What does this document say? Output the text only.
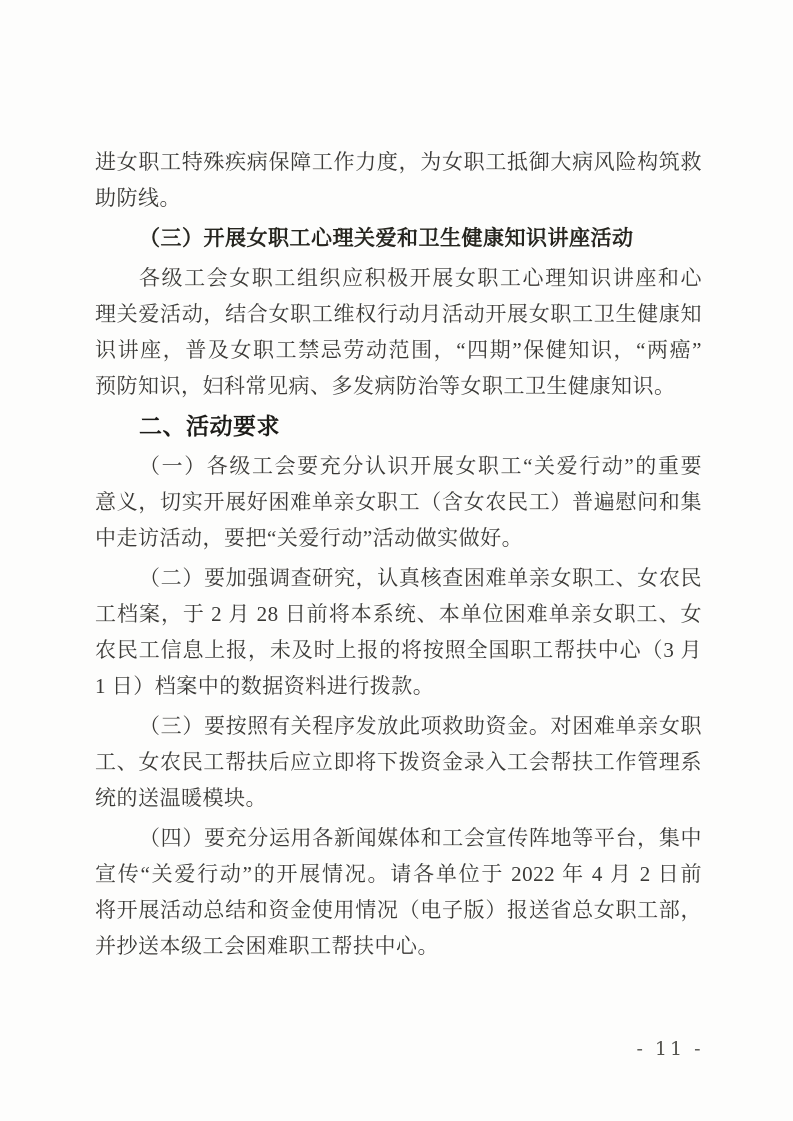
进女职工特殊疾病保障工作力度，为女职工抵御大病风险构筑救
助防线。
（三）开展女职工心理关爱和卫生健康知识讲座活动
各级工会女职工组织应积极开展女职工心理知识讲座和心
理关爱活动，结合女职工维权行动月活动开展女职工卫生健康知
识讲座，普及女职工禁忌劳动范围，“四期”保健知识，“两癌”
预防知识，妇科常见病、多发病防治等女职工卫生健康知识。
二、活动要求
（一）各级工会要充分认识开展女职工“关爱行动”的重要
意义，切实开展好困难单亲女职工（含女农民工）普遍慰问和集
中走访活动，要把“关爱行动”活动做实做好。
（二）要加强调查研究，认真核查困难单亲女职工、女农民
工档案，于 2 月 28 日前将本系统、本单位困难单亲女职工、女
农民工信息上报，未及时上报的将按照全国职工帮扶中心（3 月
1 日）档案中的数据资料进行拨款。
（三）要按照有关程序发放此项救助资金。对困难单亲女职
工、女农民工帮扶后应立即将下拨资金录入工会帮扶工作管理系
统的送温暖模块。
（四）要充分运用各新闻媒体和工会宣传阵地等平台，集中
宣传“关爱行动”的开展情况。请各单位于 2022 年 4 月 2 日前
将开展活动总结和资金使用情况（电子版）报送省总女职工部，
并抄送本级工会困难职工帮扶中心。
- 11 -
